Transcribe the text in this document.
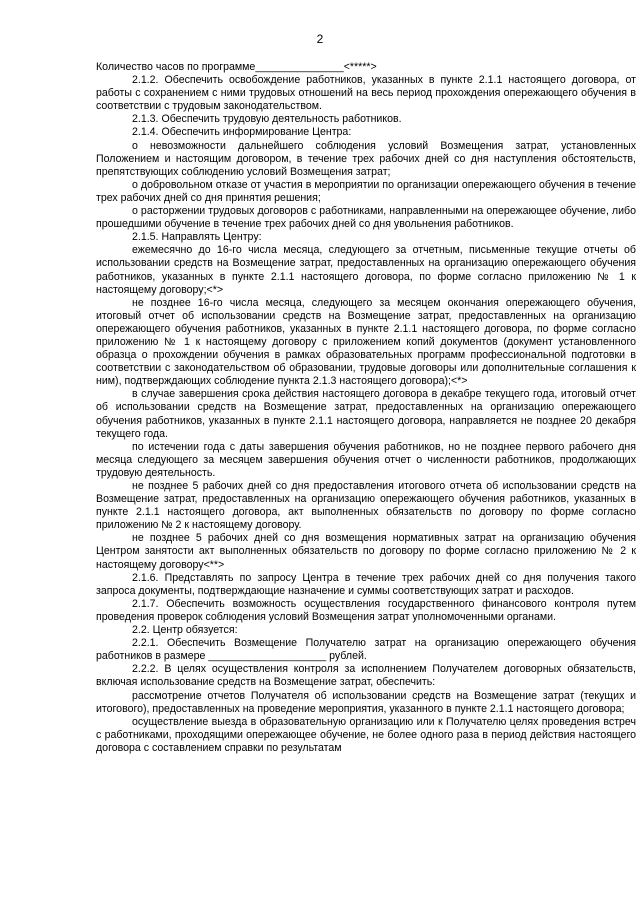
2

Количество часов по программе_______________<*****>

2.1.2. Обеспечить освобождение работников, указанных в пункте 2.1.1 настоящего договора, от работы с сохранением с ними трудовых отношений на весь период прохождения опережающего обучения в соответствии с трудовым законодательством.

2.1.3. Обеспечить трудовую деятельность работников.

2.1.4. Обеспечить информирование Центра:

о невозможности дальнейшего соблюдения условий Возмещения затрат, установленных Положением и настоящим договором, в течение трех рабочих дней со дня наступления обстоятельств, препятствующих соблюдению условий Возмещения затрат;

о добровольном отказе от участия в мероприятии по организации опережающего обучения в течение трех рабочих дней со дня принятия решения;

о расторжении трудовых договоров с работниками, направленными на опережающее обучение, либо прошедшими обучение в течение трех рабочих дней со дня увольнения работников.

2.1.5. Направлять Центру:

ежемесячно до 16-го числа месяца, следующего за отчетным, письменные текущие отчеты об использовании средств на Возмещение затрат, предоставленных на организацию опережающего обучения работников, указанных в пункте 2.1.1 настоящего договора, по форме согласно приложению № 1 к настоящему договору;<*>

не позднее 16-го числа месяца, следующего за месяцем окончания опережающего обучения, итоговый отчет об использовании средств на Возмещение затрат, предоставленных на организацию опережающего обучения работников, указанных в пункте 2.1.1 настоящего договора, по форме согласно приложению № 1 к настоящему договору с приложением копий документов (документ установленного образца о прохождении обучения в рамках образовательных программ профессиональной подготовки в соответствии с законодательством об образовании, трудовые договоры или дополнительные соглашения к ним), подтверждающих соблюдение пункта 2.1.3 настоящего договора);<*>

в случае завершения срока действия настоящего договора в декабре текущего года, итоговый отчет об использовании средств на Возмещение затрат, предоставленных на организацию опережающего обучения работников, указанных в пункте 2.1.1 настоящего договора, направляется не позднее 20 декабря текущего года.

по истечении года с даты завершения обучения работников, но не позднее первого рабочего дня месяца следующего за месяцем завершения обучения отчет о численности работников, продолжающих трудовую деятельность.

не позднее 5 рабочих дней со дня предоставления итогового отчета об использовании средств на Возмещение затрат, предоставленных на организацию опережающего обучения работников, указанных в пункте 2.1.1 настоящего договора, акт выполненных обязательств по договору по форме согласно приложению № 2 к настоящему договору.

не позднее 5 рабочих дней со дня возмещения нормативных затрат на организацию обучения Центром занятости акт выполненных обязательств по договору по форме согласно приложению № 2 к настоящему договору<**>

2.1.6. Представлять по запросу Центра в течение трех рабочих дней со дня получения такого запроса документы, подтверждающие назначение и суммы соответствующих затрат и расходов.

2.1.7. Обеспечить возможность осуществления государственного финансового контроля путем проведения проверок соблюдения условий Возмещения затрат уполномоченными органами.

2.2. Центр обязуется:

2.2.1. Обеспечить Возмещение Получателю затрат на организацию опережающего обучения работников в размере ____________________ рублей.

2.2.2. В целях осуществления контроля за исполнением Получателем договорных обязательств, включая использование средств на Возмещение затрат, обеспечить:

рассмотрение отчетов Получателя об использовании средств на Возмещение затрат (текущих и итогового), предоставленных на проведение мероприятия, указанного в пункте 2.1.1 настоящего договора;

осуществление выезда в образовательную организацию или к Получателю целях проведения встреч с работниками, проходящими опережающее обучение, не более одного раза в период действия настоящего договора с составлением справки по результатам
